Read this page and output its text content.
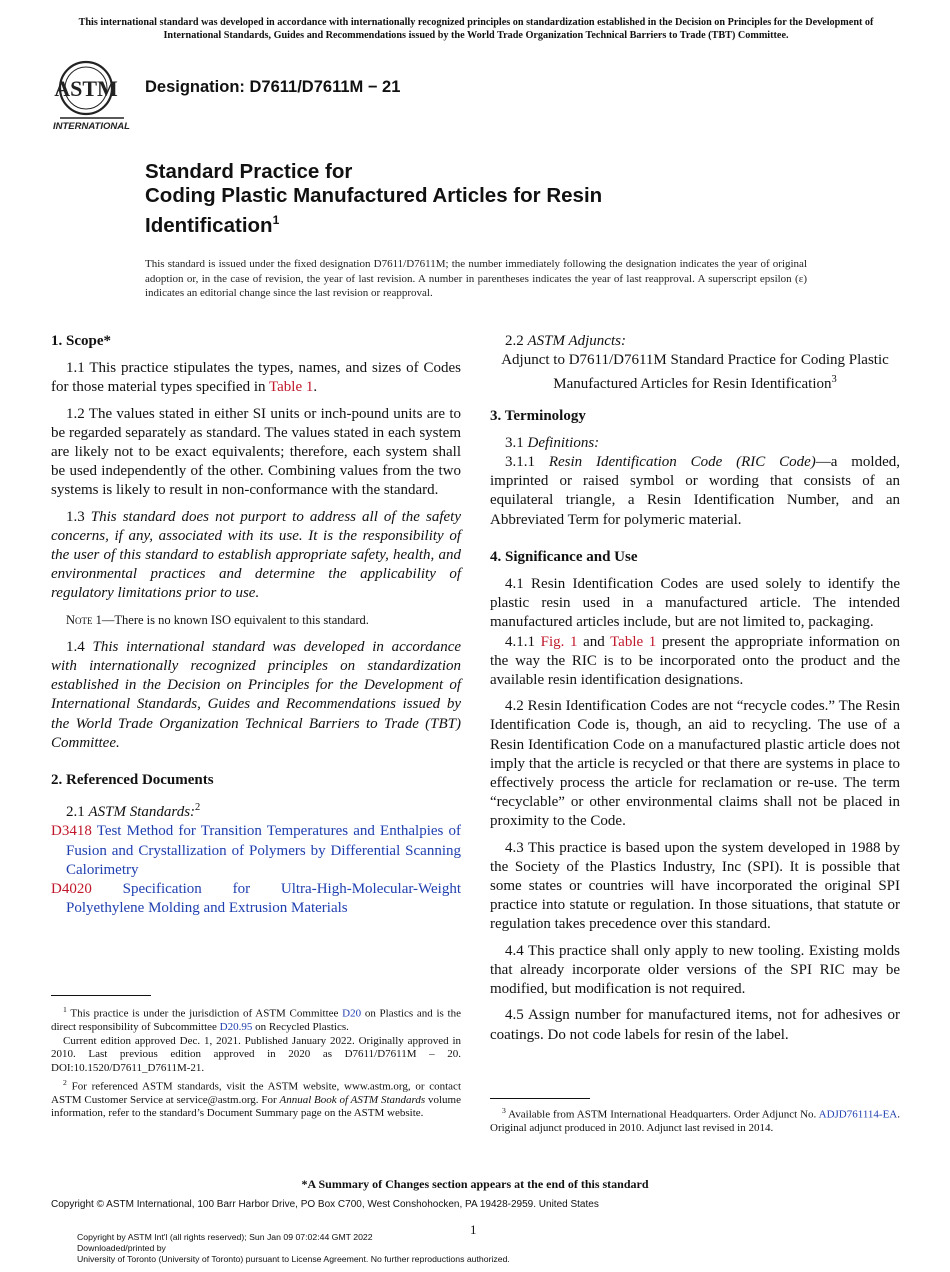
This international standard was developed in accordance with internationally recognized principles on standardization established in the Decision on Principles for the Development of International Standards, Guides and Recommendations issued by the World Trade Organization Technical Barriers to Trade (TBT) Committee.
ASTM
INTERNATIONAL
Designation: D7611/D7611M − 21
Standard Practice for
Coding Plastic Manufactured Articles for Resin
Identification$^1$
This standard is issued under the fixed designation D7611/D7611M; the number immediately following the designation indicates the year of original adoption or, in the case of revision, the year of last revision. A number in parentheses indicates the year of last reapproval. A superscript epsilon (ε) indicates an editorial change since the last revision or reapproval.
1. Scope*

1.1 This practice stipulates the types, names, and sizes of Codes for those material types specified in Table 1.

1.2 The values stated in either SI units or inch-pound units are to be regarded separately as standard. The values stated in each system are likely not to be exact equivalents; therefore, each system shall be used independently of the other. Combining values from the two systems is likely to result in non-conformance with the standard.

1.3 This standard does not purport to address all of the safety concerns, if any, associated with its use. It is the responsibility of the user of this standard to establish appropriate safety, health, and environmental practices and determine the applicability of regulatory limitations prior to use.

Note 1—There is no known ISO equivalent to this standard.

1.4 This international standard was developed in accordance with internationally recognized principles on standardization established in the Decision on Principles for the Development of International Standards, Guides and Recommendations issued by the World Trade Organization Technical Barriers to Trade (TBT) Committee.

2. Referenced Documents

2.1 ASTM Standards:$^2$

D3418 Test Method for Transition Temperatures and Enthalpies of Fusion and Crystallization of Polymers by Differential Scanning Calorimetry
D4020 Specification for Ultra-High-Molecular-Weight Polyethylene Molding and Extrusion Materials

2.2 ASTM Adjuncts:

Adjunct to D7611/D7611M Standard Practice for Coding Plastic Manufactured Articles for Resin Identification$^3$

3. Terminology

3.1 Definitions:

3.1.1 Resin Identification Code (RIC Code)—a molded, imprinted or raised symbol or wording that consists of an equilateral triangle, a Resin Identification Number, and an Abbreviated Term for polymeric material.

4. Significance and Use

4.1 Resin Identification Codes are used solely to identify the plastic resin used in a manufactured article. The intended manufactured articles include, but are not limited to, packaging.

4.1.1 Fig. 1 and Table 1 present the appropriate information on the way the RIC is to be incorporated onto the product and the available resin identification designations.

4.2 Resin Identification Codes are not “recycle codes.” The Resin Identification Code is, though, an aid to recycling. The use of a Resin Identification Code on a manufactured plastic article does not imply that the article is recycled or that there are systems in place to effectively process the article for reclamation or re-use. The term “recyclable” or other environmental claims shall not be placed in proximity to the Code.

4.3 This practice is based upon the system developed in 1988 by the Society of the Plastics Industry, Inc (SPI). It is possible that some states or countries will have incorporated the original SPI practice into statute or regulation. In those situations, that statute or regulation takes precedence over this standard.

4.4 This practice shall only apply to new tooling. Existing molds that already incorporate older versions of the SPI RIC may be modified, but modification is not required.

4.5 Assign number for manufactured items, not for adhesives or coatings. Do not code labels for resin of the label.

$^1$ This practice is under the jurisdiction of ASTM Committee D20 on Plastics and is the direct responsibility of Subcommittee D20.95 on Recycled Plastics.

Current edition approved Dec. 1, 2021. Published January 2022. Originally approved in 2010. Last previous edition approved in 2020 as D7611/D7611M – 20. DOI:10.1520/D7611_D7611M-21.

$^2$ For referenced ASTM standards, visit the ASTM website, www.astm.org, or contact ASTM Customer Service at service@astm.org. For Annual Book of ASTM Standards volume information, refer to the standard’s Document Summary page on the ASTM website.	$^3$ Available from ASTM International Headquarters. Order Adjunct No. ADJD761114-EA. Original adjunct produced in 2010. Adjunct last revised in 2014.

*A Summary of Changes section appears at the end of this standard
Copyright © ASTM International, 100 Barr Harbor Drive, PO Box C700, West Conshohocken, PA 19428-2959. United States
1
Copyright by ASTM Int'l (all rights reserved); Sun Jan 09 07:02:44 GMT 2022
Downloaded/printed by
University of Toronto (University of Toronto) pursuant to License Agreement. No further reproductions authorized.
